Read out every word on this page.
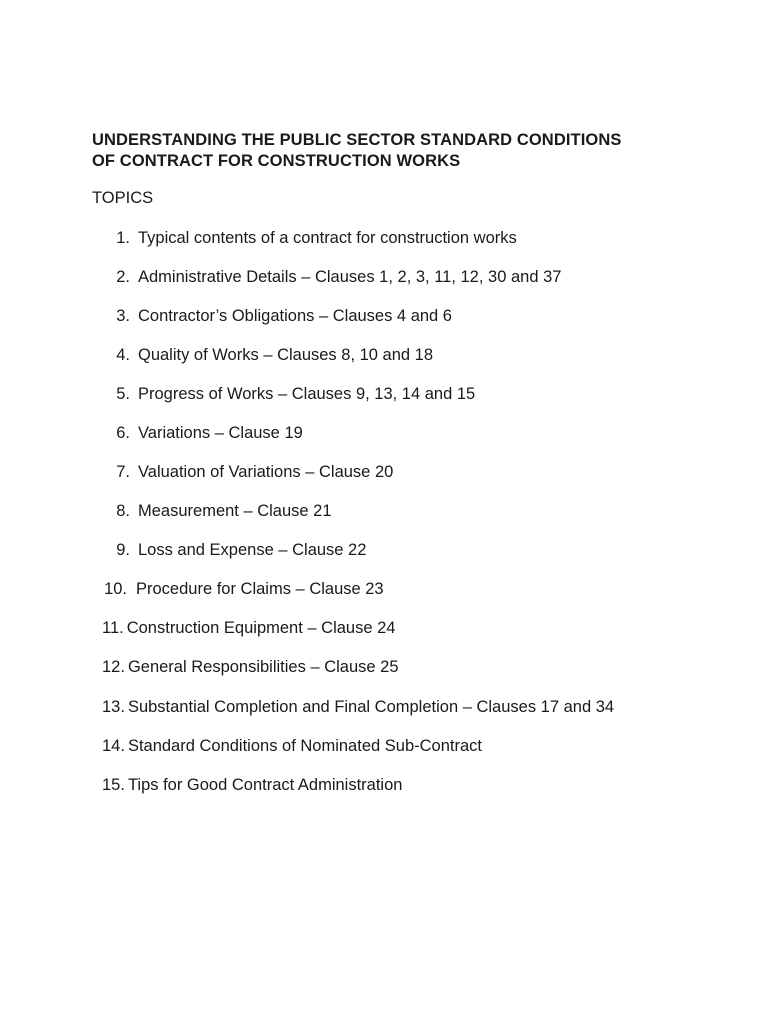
UNDERSTANDING THE PUBLIC SECTOR STANDARD CONDITIONS
OF CONTRACT FOR CONSTRUCTION WORKS
TOPICS
1. Typical contents of a contract for construction works
2. Administrative Details – Clauses 1, 2, 3, 11, 12, 30 and 37
3. Contractor’s Obligations – Clauses 4 and 6
4. Quality of Works – Clauses 8, 10 and 18
5. Progress of Works – Clauses 9, 13, 14 and 15
6. Variations – Clause 19
7. Valuation of Variations – Clause 20
8. Measurement – Clause 21
9. Loss and Expense – Clause 22
10. Procedure for Claims – Clause 23
11. Construction Equipment – Clause 24
12. General Responsibilities – Clause 25
13. Substantial Completion and Final Completion – Clauses 17 and 34
14. Standard Conditions of Nominated Sub-Contract
15. Tips for Good Contract Administration
